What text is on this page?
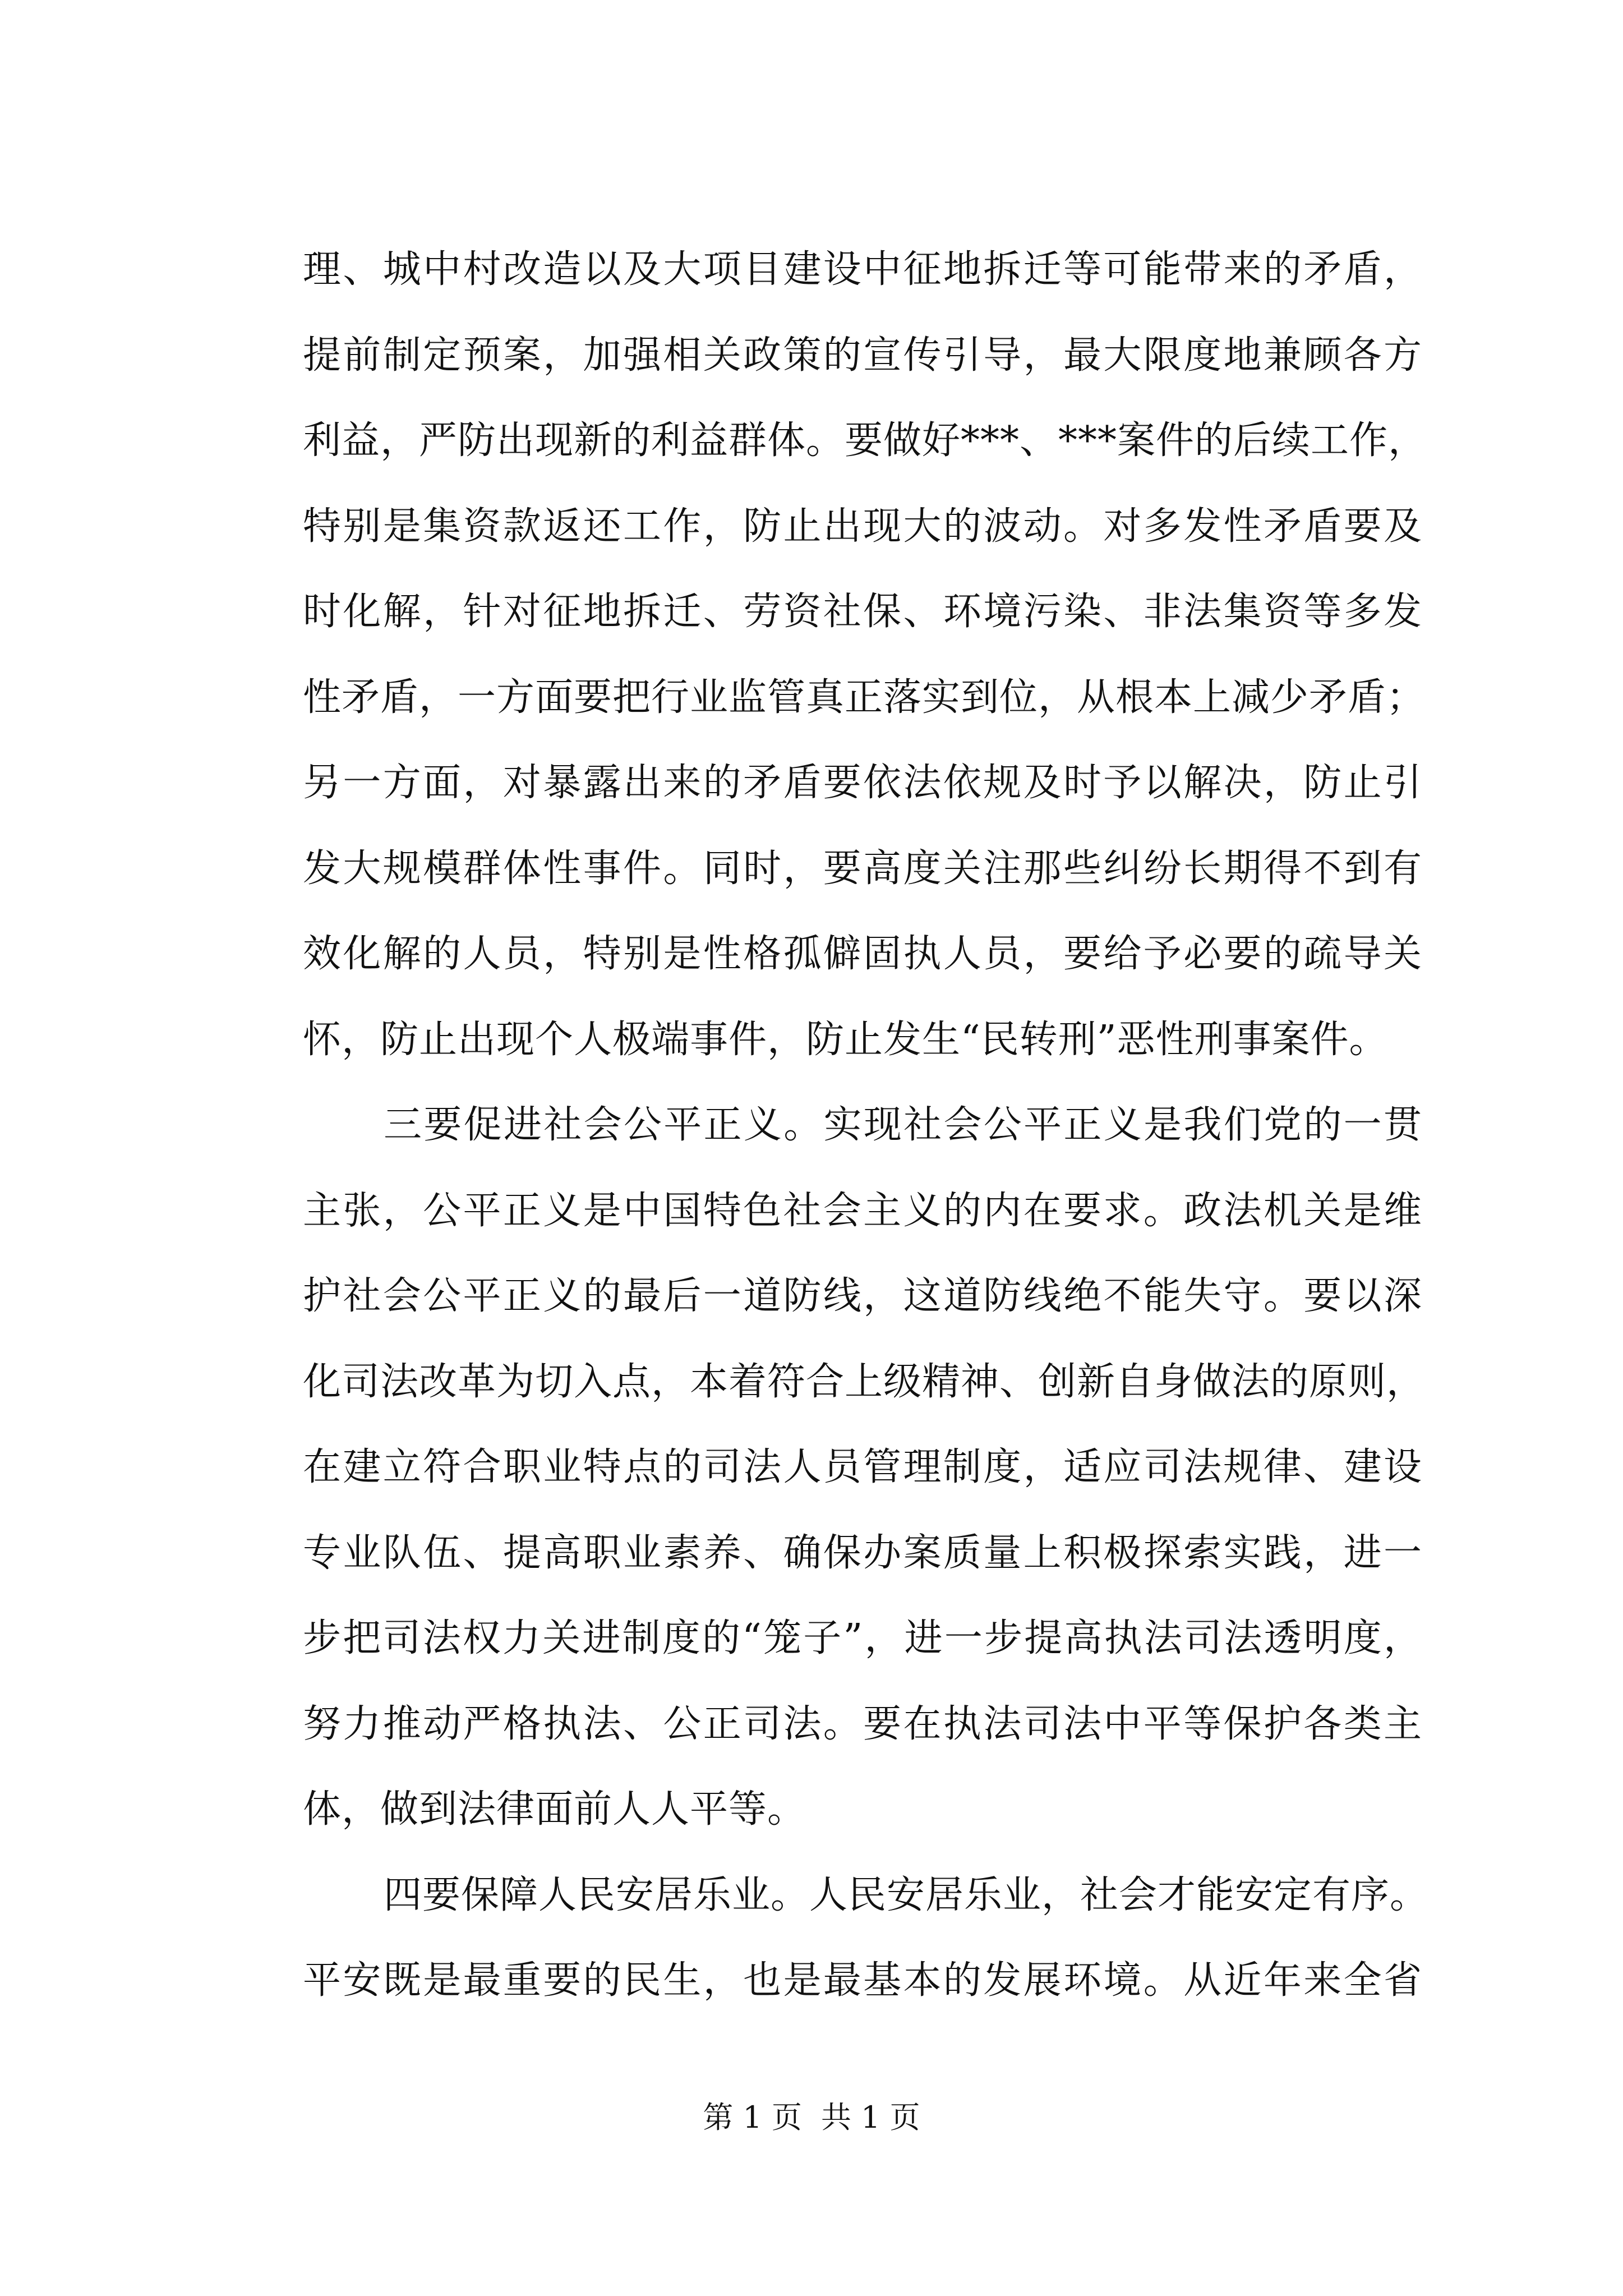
理、城中村改造以及大项目建设中征地拆迁等可能带来的矛盾，
提前制定预案，加强相关政策的宣传引导，最大限度地兼顾各方
利益，严防出现新的利益群体。要做好***、***案件的后续工作，
特别是集资款返还工作，防止出现大的波动。对多发性矛盾要及
时化解，针对征地拆迁、劳资社保、环境污染、非法集资等多发
性矛盾，一方面要把行业监管真正落实到位，从根本上减少矛盾；
另一方面，对暴露出来的矛盾要依法依规及时予以解决，防止引
发大规模群体性事件。同时，要高度关注那些纠纷长期得不到有
效化解的人员，特别是性格孤僻固执人员，要给予必要的疏导关
怀，防止出现个人极端事件，防止发生“民转刑”恶性刑事案件。
三要促进社会公平正义。实现社会公平正义是我们党的一贯
主张，公平正义是中国特色社会主义的内在要求。政法机关是维
护社会公平正义的最后一道防线，这道防线绝不能失守。要以深
化司法改革为切入点，本着符合上级精神、创新自身做法的原则，
在建立符合职业特点的司法人员管理制度，适应司法规律、建设
专业队伍、提高职业素养、确保办案质量上积极探索实践，进一
步把司法权力关进制度的“笼子”，进一步提高执法司法透明度，
努力推动严格执法、公正司法。要在执法司法中平等保护各类主
体，做到法律面前人人平等。
四要保障人民安居乐业。人民安居乐业，社会才能安定有序。
平安既是最重要的民生，也是最基本的发展环境。从近年来全省
第 1 页 共 1 页
